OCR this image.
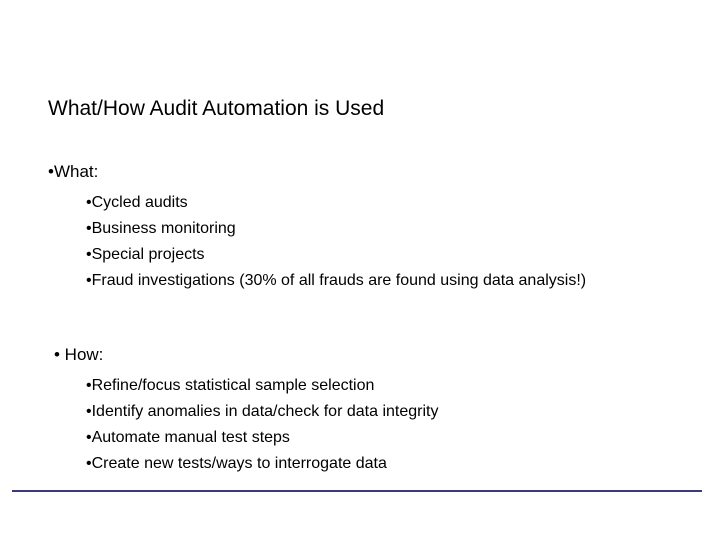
What/How Audit Automation is Used
•What:
•Cycled audits
•Business monitoring
•Special projects
•Fraud investigations (30% of all frauds are found using data analysis!)
• How:
•Refine/focus statistical sample selection
•Identify anomalies in data/check for data integrity
•Automate manual test steps
•Create new tests/ways to interrogate data
